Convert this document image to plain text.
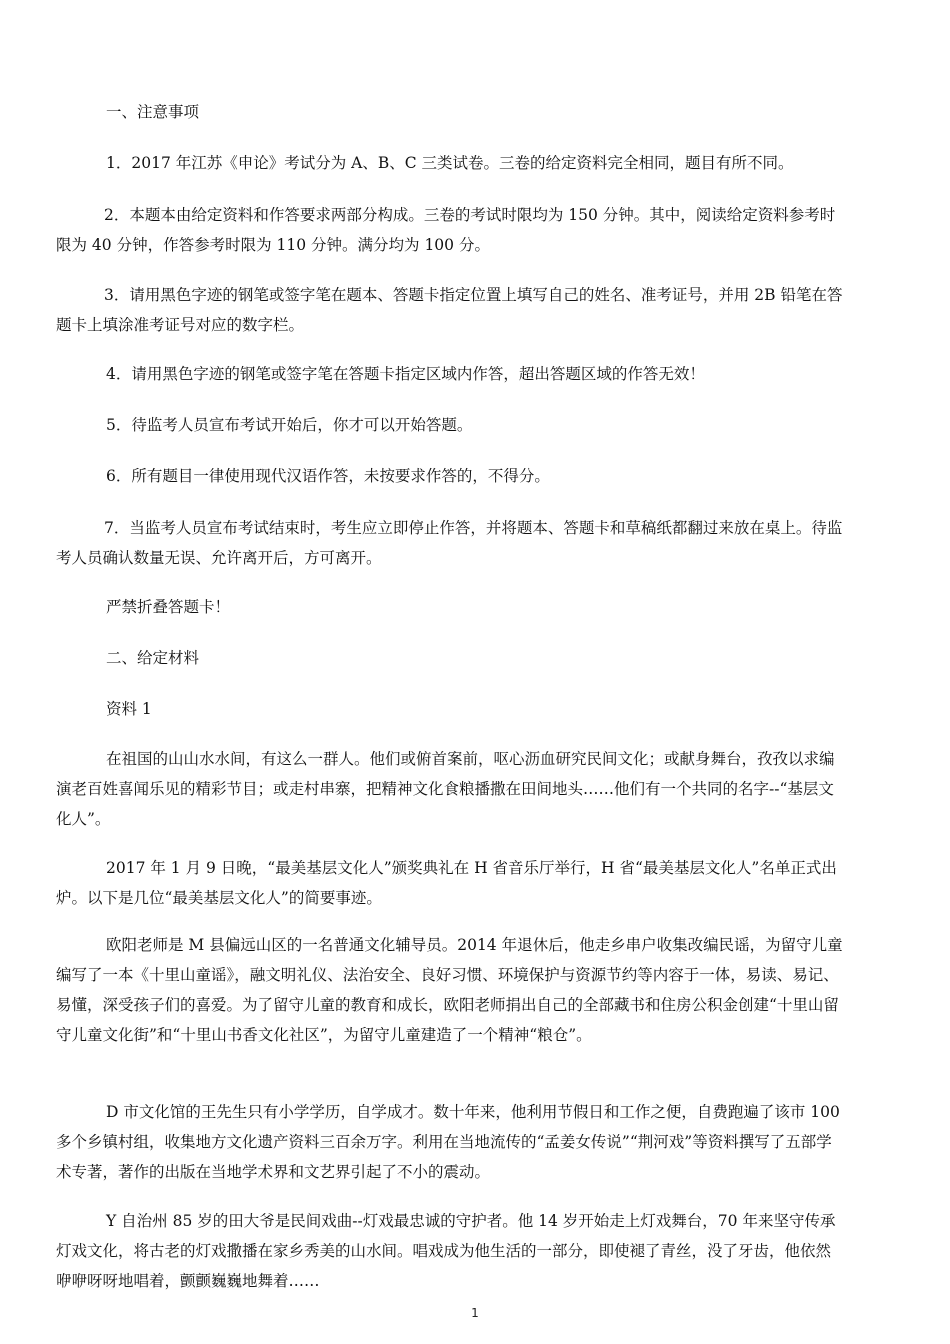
一、注意事项

1．2017 年江苏《申论》考试分为 A、B、C 三类试卷。三卷的给定资料完全相同，题目有所不同。

2．本题本由给定资料和作答要求两部分构成。三卷的考试时限均为 150 分钟。其中，阅读给定资料参考时限为 40 分钟，作答参考时限为 110 分钟。满分均为 100 分。

3．请用黑色字迹的钢笔或签字笔在题本、答题卡指定位置上填写自己的姓名、准考证号，并用 2B 铅笔在答题卡上填涂准考证号对应的数字栏。

4．请用黑色字迹的钢笔或签字笔在答题卡指定区域内作答，超出答题区域的作答无效！

5．待监考人员宣布考试开始后，你才可以开始答题。

6．所有题目一律使用现代汉语作答，未按要求作答的，不得分。

7．当监考人员宣布考试结束时，考生应立即停止作答，并将题本、答题卡和草稿纸都翻过来放在桌上。待监考人员确认数量无误、允许离开后，方可离开。

严禁折叠答题卡！

二、给定材料

资料 1

在祖国的山山水水间，有这么一群人。他们或俯首案前，呕心沥血研究民间文化；或献身舞台，孜孜以求编演老百姓喜闻乐见的精彩节目；或走村串寨，把精神文化食粮播撒在田间地头……他们有一个共同的名字--“基层文化人”。

2017 年 1 月 9 日晚，“最美基层文化人”颁奖典礼在 H 省音乐厅举行，H 省“最美基层文化人”名单正式出炉。以下是几位“最美基层文化人”的简要事迹。

欧阳老师是 M 县偏远山区的一名普通文化辅导员。2014 年退休后，他走乡串户收集改编民谣，为留守儿童编写了一本《十里山童谣》，融文明礼仪、法治安全、良好习惯、环境保护与资源节约等内容于一体，易读、易记、易懂，深受孩子们的喜爱。为了留守儿童的教育和成长，欧阳老师捐出自己的全部藏书和住房公积金创建“十里山留守儿童文化街”和“十里山书香文化社区”，为留守儿童建造了一个精神“粮仓”。

D 市文化馆的王先生只有小学学历，自学成才。数十年来，他利用节假日和工作之便，自费跑遍了该市 100 多个乡镇村组，收集地方文化遗产资料三百余万字。利用在当地流传的“孟姜女传说”“荆河戏”等资料撰写了五部学术专著，著作的出版在当地学术界和文艺界引起了不小的震动。

Y 自治州 85 岁的田大爷是民间戏曲--灯戏最忠诚的守护者。他 14 岁开始走上灯戏舞台，70 年来坚守传承灯戏文化，将古老的灯戏撒播在家乡秀美的山水间。唱戏成为他生活的一部分，即使褪了青丝，没了牙齿，他依然咿咿呀呀地唱着，颤颤巍巍地舞着……

1
